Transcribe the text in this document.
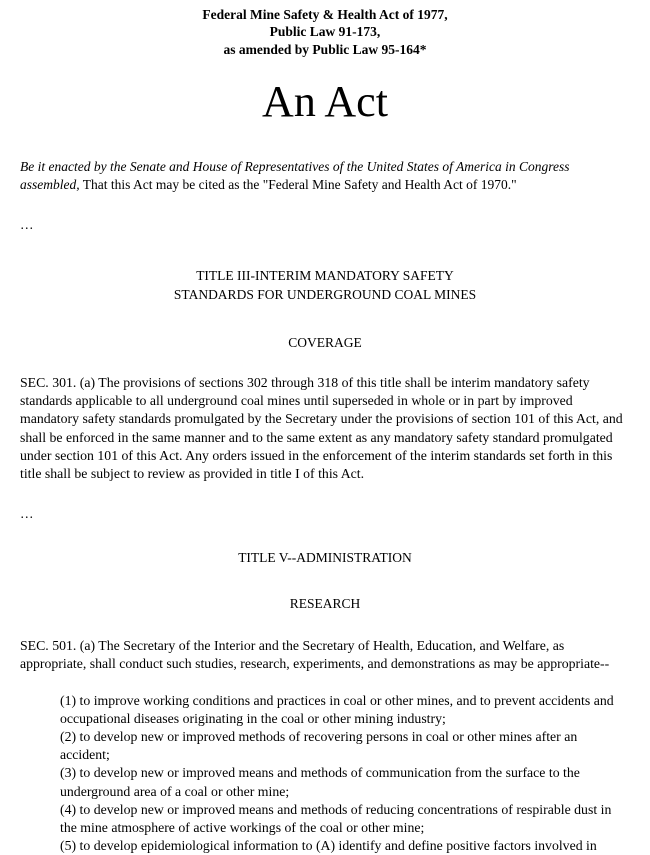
Federal Mine Safety & Health Act of 1977,
Public Law 91-173,
as amended by Public Law 95-164*
An Act

Be it enacted by the Senate and House of Representatives of the United States of America in Congress assembled, That this Act may be cited as the "Federal Mine Safety and Health Act of 1970."

…

TITLE III-INTERIM MANDATORY SAFETY

STANDARDS FOR UNDERGROUND COAL MINES

COVERAGE

SEC. 301. (a) The provisions of sections 302 through 318 of this title shall be interim mandatory safety standards applicable to all underground coal mines until superseded in whole or in part by improved mandatory safety standards promulgated by the Secretary under the provisions of section 101 of this Act, and shall be enforced in the same manner and to the same extent as any mandatory safety standard promulgated under section 101 of this Act. Any orders issued in the enforcement of the interim standards set forth in this title shall be subject to review as provided in title I of this Act.

…

TITLE V--ADMINISTRATION

RESEARCH

SEC. 501. (a) The Secretary of the Interior and the Secretary of Health, Education, and Welfare, as appropriate, shall conduct such studies, research, experiments, and demonstrations as may be appropriate--

(1) to improve working conditions and practices in coal or other mines, and to prevent accidents and occupational diseases originating in the coal or other mining industry;

(2) to develop new or improved methods of recovering persons in coal or other mines after an accident;

(3) to develop new or improved means and methods of communication from the surface to the underground area of a coal or other mine;

(4) to develop new or improved means and methods of reducing concentrations of respirable dust in the mine atmosphere of active workings of the coal or other mine;

(5) to develop epidemiological information to (A) identify and define positive factors involved in
